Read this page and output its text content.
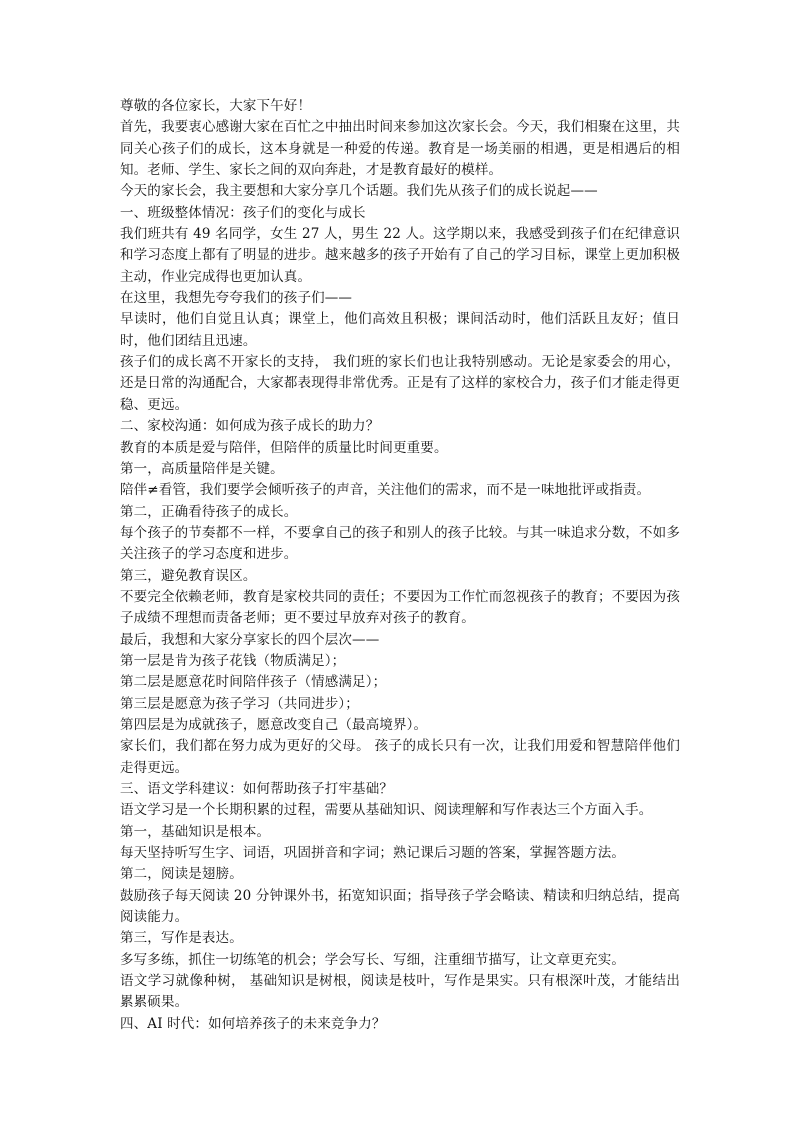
尊敬的各位家长，大家下午好！

首先，我要衷心感谢大家在百忙之中抽出时间来参加这次家长会。今天，我们相聚在这里，共同关心孩子们的成长，这本身就是一种爱的传递。教育是一场美丽的相遇，更是相遇后的相知。老师、学生、家长之间的双向奔赴，才是教育最好的模样。

今天的家长会，我主要想和大家分享几个话题。我们先从孩子们的成长说起——

一、班级整体情况：孩子们的变化与成长

我们班共有 49 名同学，女生 27 人，男生 22 人。这学期以来，我感受到孩子们在纪律意识和学习态度上都有了明显的进步。越来越多的孩子开始有了自己的学习目标，课堂上更加积极主动，作业完成得也更加认真。

在这里，我想先夸夸我们的孩子们——

早读时，他们自觉且认真；课堂上，他们高效且积极；课间活动时，他们活跃且友好；值日时，他们团结且迅速。

孩子们的成长离不开家长的支持， 我们班的家长们也让我特别感动。无论是家委会的用心，还是日常的沟通配合，大家都表现得非常优秀。正是有了这样的家校合力，孩子们才能走得更稳、更远。

二、家校沟通：如何成为孩子成长的助力？

教育的本质是爱与陪伴，但陪伴的质量比时间更重要。

第一，高质量陪伴是关键。

陪伴≠看管，我们要学会倾听孩子的声音，关注他们的需求，而不是一味地批评或指责。

第二，正确看待孩子的成长。

每个孩子的节奏都不一样，不要拿自己的孩子和别人的孩子比较。与其一味追求分数，不如多关注孩子的学习态度和进步。

第三，避免教育误区。

不要完全依赖老师，教育是家校共同的责任；不要因为工作忙而忽视孩子的教育；不要因为孩子成绩不理想而责备老师；更不要过早放弃对孩子的教育。

最后，我想和大家分享家长的四个层次——

第一层是肯为孩子花钱（物质满足）；

第二层是愿意花时间陪伴孩子（情感满足）；

第三层是愿意为孩子学习（共同进步）；

第四层是为成就孩子，愿意改变自己（最高境界）。

家长们，我们都在努力成为更好的父母。 孩子的成长只有一次，让我们用爱和智慧陪伴他们走得更远。

三、语文学科建议：如何帮助孩子打牢基础？

语文学习是一个长期积累的过程，需要从基础知识、阅读理解和写作表达三个方面入手。

第一，基础知识是根本。

每天坚持听写生字、词语，巩固拼音和字词；熟记课后习题的答案，掌握答题方法。

第二，阅读是翅膀。

鼓励孩子每天阅读 20 分钟课外书，拓宽知识面；指导孩子学会略读、精读和归纳总结，提高阅读能力。

第三，写作是表达。

多写多练，抓住一切练笔的机会；学会写长、写细，注重细节描写，让文章更充实。

语文学习就像种树， 基础知识是树根，阅读是枝叶，写作是果实。只有根深叶茂，才能结出累累硕果。

四、AI 时代：如何培养孩子的未来竞争力？
